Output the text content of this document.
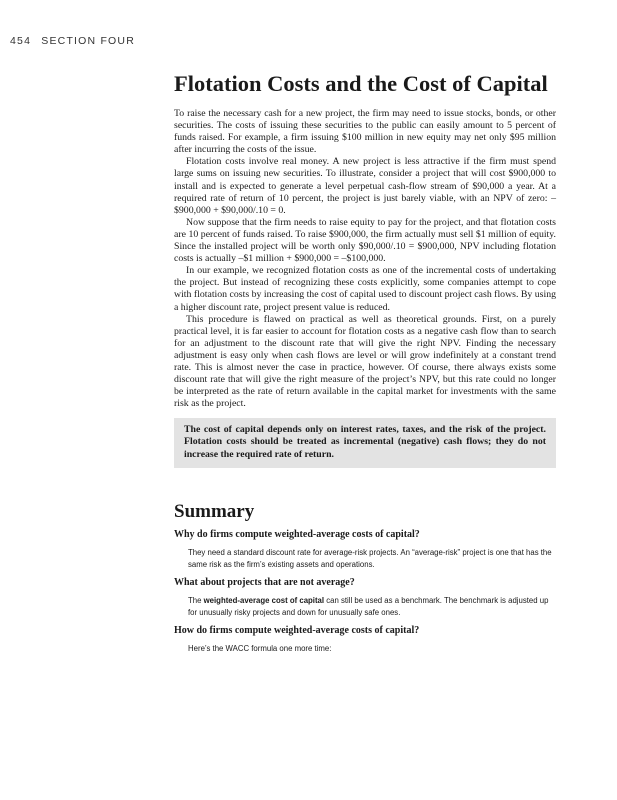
454 SECTION FOUR
Flotation Costs and the Cost of Capital

To raise the necessary cash for a new project, the firm may need to issue stocks, bonds, or other securities. The costs of issuing these securities to the public can easily amount to 5 percent of funds raised. For example, a firm issuing $100 million in new equity may net only $95 million after incurring the costs of the issue.

Flotation costs involve real money. A new project is less attractive if the firm must spend large sums on issuing new securities. To illustrate, consider a project that will cost $900,000 to install and is expected to generate a level perpetual cash-flow stream of $90,000 a year. At a required rate of return of 10 percent, the project is just barely viable, with an NPV of zero: –$900,000 + $90,000/.10 = 0.

Now suppose that the firm needs to raise equity to pay for the project, and that flotation costs are 10 percent of funds raised. To raise $900,000, the firm actually must sell $1 million of equity. Since the installed project will be worth only $90,000/.10 = $900,000, NPV including flotation costs is actually –$1 million + $900,000 = –$100,000.

In our example, we recognized flotation costs as one of the incremental costs of undertaking the project. But instead of recognizing these costs explicitly, some companies attempt to cope with flotation costs by increasing the cost of capital used to discount project cash flows. By using a higher discount rate, project present value is reduced.

This procedure is flawed on practical as well as theoretical grounds. First, on a purely practical level, it is far easier to account for flotation costs as a negative cash flow than to search for an adjustment to the discount rate that will give the right NPV. Finding the necessary adjustment is easy only when cash flows are level or will grow indefinitely at a constant trend rate. This is almost never the case in practice, however. Of course, there always exists some discount rate that will give the right measure of the project’s NPV, but this rate could no longer be interpreted as the rate of return available in the capital market for investments with the same risk as the project.

The cost of capital depends only on interest rates, taxes, and the risk of the project. Flotation costs should be treated as incremental (negative) cash flows; they do not increase the required rate of return.

Summary
Why do firms compute weighted-average costs of capital?
They need a standard discount rate for average-risk projects. An “average-risk” project is one that has the same risk as the firm’s existing assets and operations.
What about projects that are not average?
The weighted-average cost of capital can still be used as a benchmark. The benchmark is adjusted up for unusually risky projects and down for unusually safe ones.
How do firms compute weighted-average costs of capital?
Here’s the WACC formula one more time:
